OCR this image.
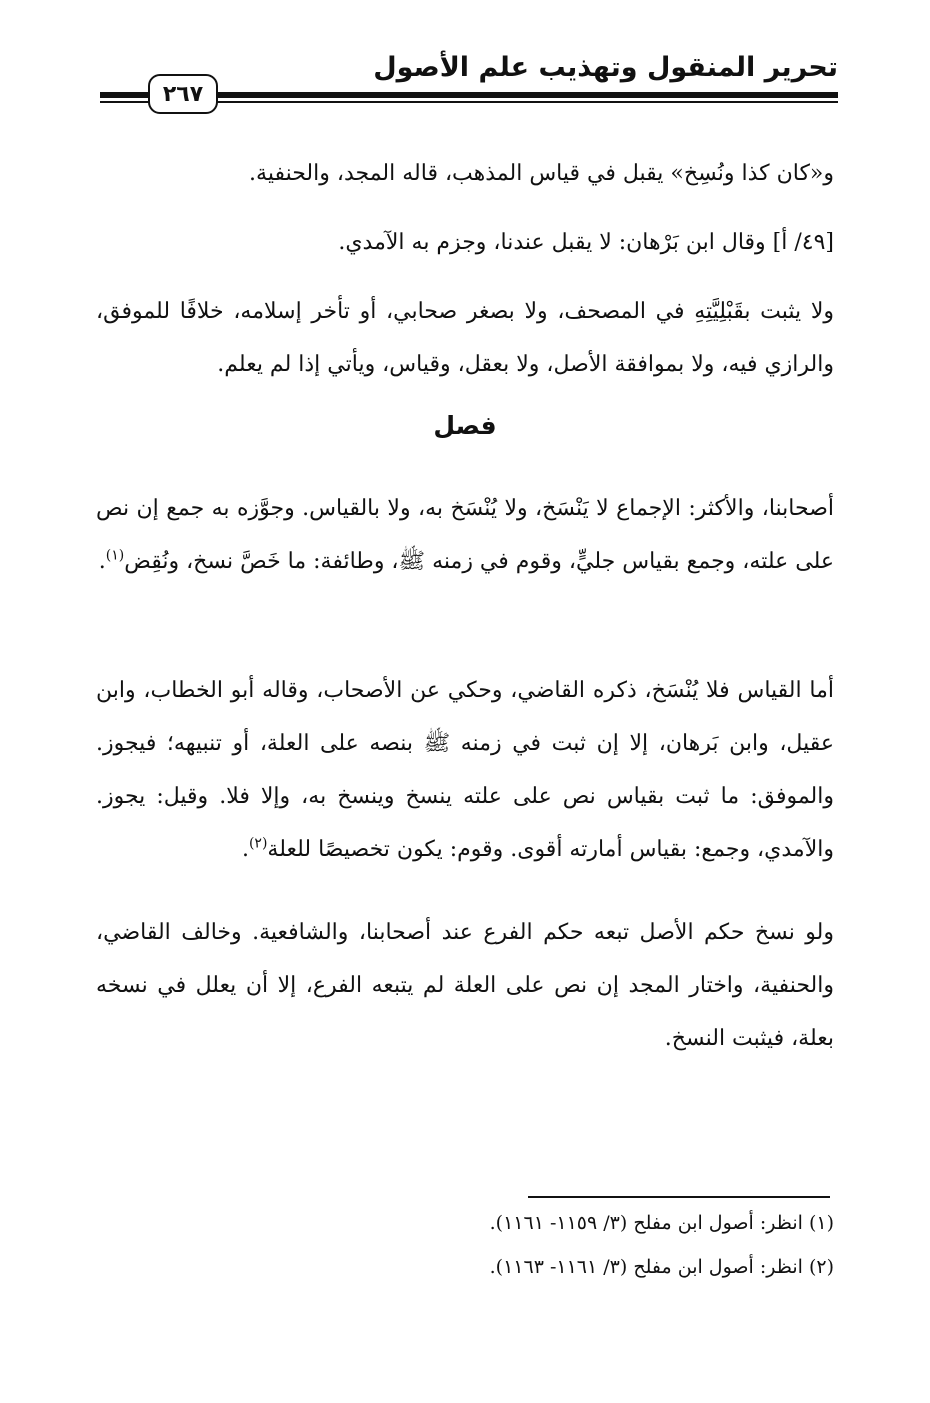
تحرير المنقول وتهذيب علم الأصول
٢٦٧
و«كان كذا ونُسِخ» يقبل في قياس المذهب، قاله المجد، والحنفية.
[٤٩/ أ] وقال ابن بَرْهان: لا يقبل عندنا، وجزم به الآمدي.
ولا يثبت بقَبْلِيَّتِهِ في المصحف، ولا بصغر صحابي، أو تأخر إسلامه، خلافًا للموفق، والرازي فيه، ولا بموافقة الأصل، ولا بعقل، وقياس، ويأتي إذا لم يعلم.
فصل
أصحابنا، والأكثر: الإجماع لا يَنْسَخ، ولا يُنْسَخ به، ولا بالقياس. وجوَّزه به جمع إن نص على علته، وجمع بقياس جليٍّ، وقوم في زمنه ﷺ، وطائفة: ما خَصَّ نسخ، ونُقِض$^{(١)}$.
أما القياس فلا يُنْسَخ، ذكره القاضي، وحكي عن الأصحاب، وقاله أبو الخطاب، وابن عقيل، وابن بَرهان، إلا إن ثبت في زمنه ﷺ بنصه على العلة، أو تنبيهه؛ فيجوز. والموفق: ما ثبت بقياس نص على علته ينسخ وينسخ به، وإلا فلا. وقيل: يجوز. والآمدي، وجمع: بقياس أمارته أقوى. وقوم: يكون تخصيصًا للعلة$^{(٢)}$.
ولو نسخ حكم الأصل تبعه حكم الفرع عند أصحابنا، والشافعية. وخالف القاضي، والحنفية، واختار المجد إن نص على العلة لم يتبعه الفرع، إلا أن يعلل في نسخه بعلة، فيثبت النسخ.
(١) انظر: أصول ابن مفلح (٣/ ١١٥٩- ١١٦١).
(٢) انظر: أصول ابن مفلح (٣/ ١١٦١- ١١٦٣).
